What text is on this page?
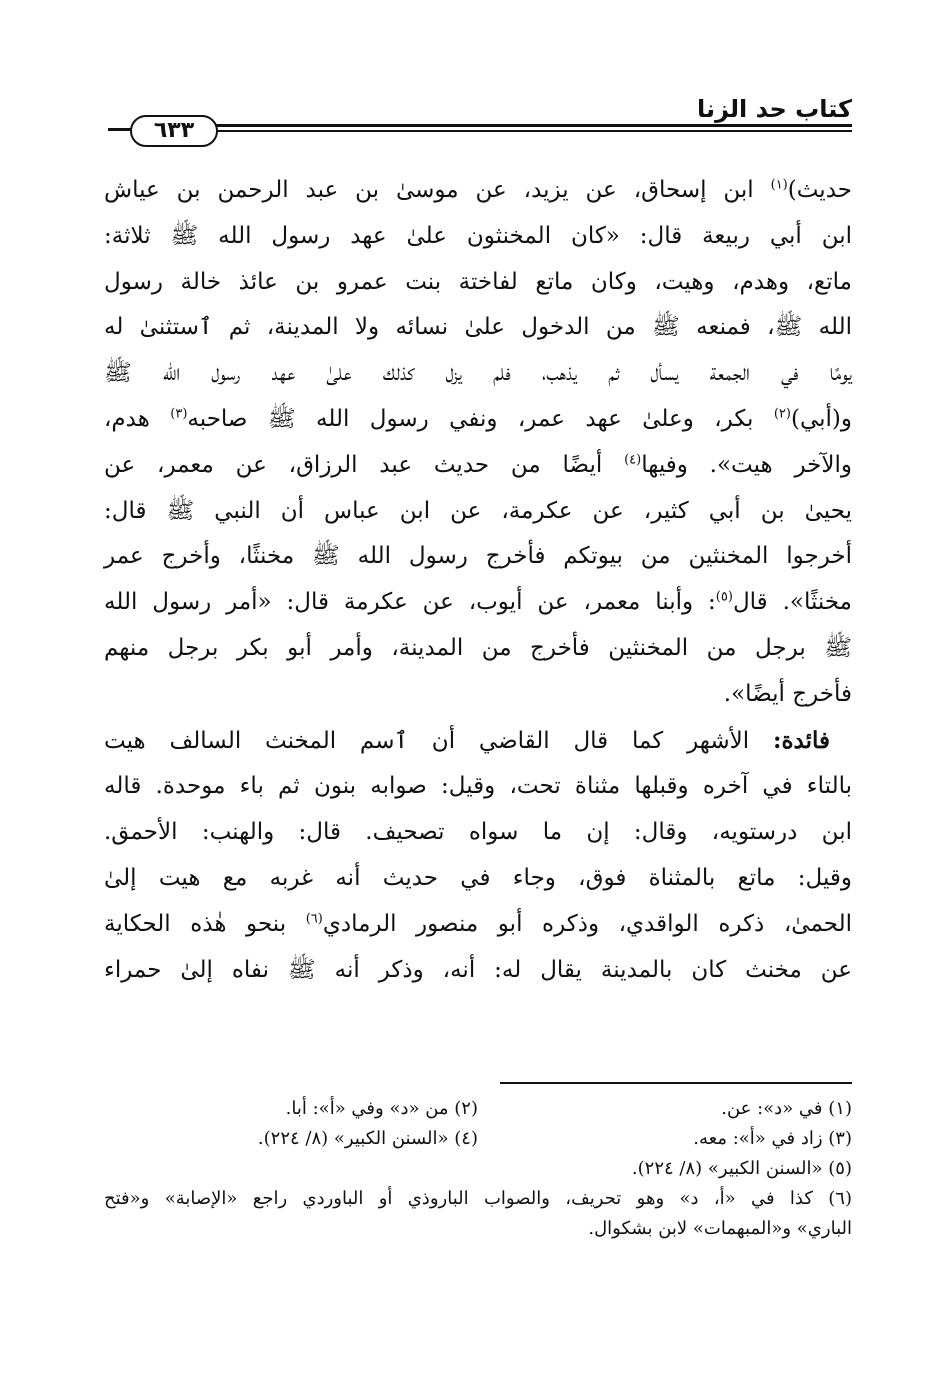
كتاب حد الزنا
٦٣٣
حديث)$^{(١)}$ ابن إسحاق، عن يزيد، عن موسىٰ بن عبد الرحمن بن عياش
ابن أبي ربيعة قال: «كان المخنثون علىٰ عهد رسول الله ﷺ ثلاثة:
ماتع، وهدم، وهيت، وكان ماتع لفاختة بنت عمرو بن عائذ خالة رسول
الله ﷺ، فمنعه ﷺ من الدخول علىٰ نسائه ولا المدينة، ثم ٱستثنىٰ له
يومًا في الجمعة يسأل ثم يذهب، فلم يزل كذلك علىٰ عهد رسول الله ﷺ
و(أبي)$^{(٢)}$ بكر، وعلىٰ عهد عمر، ونفي رسول الله ﷺ صاحبه$^{(٣)}$ هدم،
والآخر هيت». وفيها$^{(٤)}$ أيضًا من حديث عبد الرزاق، عن معمر، عن
يحيىٰ بن أبي كثير، عن عكرمة، عن ابن عباس أن النبي ﷺ قال:
أخرجوا المخنثين من بيوتكم فأخرج رسول الله ﷺ مخنثًا، وأخرج عمر
مخنثًا». قال$^{(٥)}$: وأبنا معمر، عن أيوب، عن عكرمة قال: «أمر رسول الله
ﷺ برجل من المخنثين فأخرج من المدينة، وأمر أبو بكر برجل منهم
فأخرج أيضًا».
فائدة: الأشهر كما قال القاضي أن ٱسم المخنث السالف هيت
بالتاء في آخره وقبلها مثناة تحت، وقيل: صوابه بنون ثم باء موحدة. قاله
ابن درستويه، وقال: إن ما سواه تصحيف. قال: والهنب: الأحمق.
وقيل: ماتع بالمثناة فوق، وجاء في حديث أنه غربه مع هيت إلىٰ
الحمىٰ، ذكره الواقدي، وذكره أبو منصور الرمادي$^{(٦)}$ بنحو هٰذه الحكاية
عن مخنث كان بالمدينة يقال له: أنه، وذكر أنه ﷺ نفاه إلىٰ حمراء
(١) في «د»: عن.
(٢) من «د» وفي «أ»: أبا.
(٣) زاد في «أ»: معه.
(٤) «السنن الكبير» (٨/ ٢٢٤).
(٥) «السنن الكبير» (٨/ ٢٢٤).
(٦) كذا في «أ، د» وهو تحريف، والصواب الباروذي أو الباوردي راجع «الإصابة» و«فتح
الباري» و«المبهمات» لابن بشكوال.
